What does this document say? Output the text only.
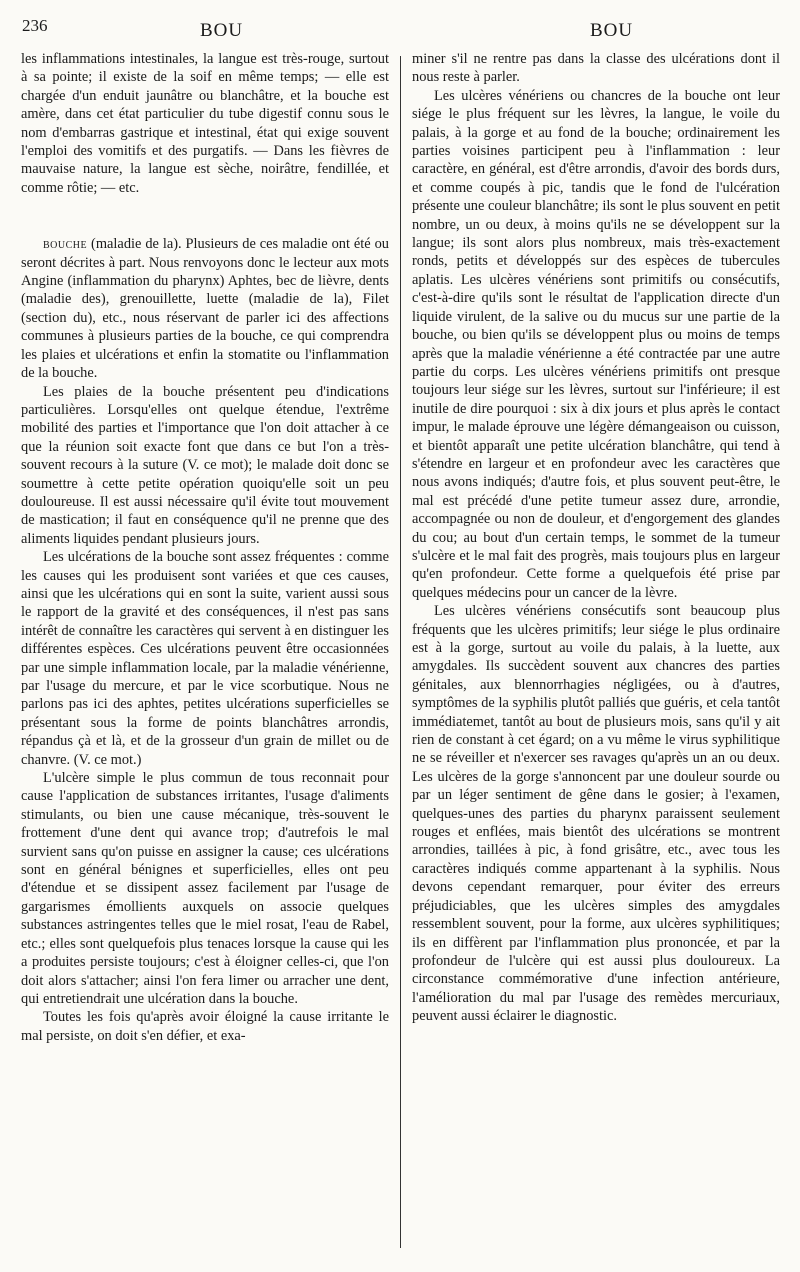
236	BOU	BOU

les inflammations intestinales, la langue est très-rouge, surtout à sa pointe; il existe de la soif en même temps; — elle est chargée d'un enduit jaunâtre ou blanchâtre, et la bouche est amère, dans cet état particulier du tube digestif connu sous le nom d'embarras gastrique et intestinal, état qui exige souvent l'emploi des vomitifs et des purgatifs. — Dans les fièvres de mauvaise nature, la langue est sèche, noirâtre, fendillée, et comme rôtie; — etc.

bouche (maladie de la). Plusieurs de ces maladie ont été ou seront décrites à part. Nous renvoyons donc le lecteur aux mots Angine (inflammation du pharynx) Aphtes, bec de lièvre, dents (maladie des), grenouillette, luette (maladie de la), Filet (section du), etc., nous réservant de parler ici des affections communes à plusieurs parties de la bouche, ce qui comprendra les plaies et ulcérations et enfin la stomatite ou l'inflammation de la bouche.

Les plaies de la bouche présentent peu d'indications particulières. Lorsqu'elles ont quelque étendue, l'extrême mobilité des parties et l'importance que l'on doit attacher à ce que la réunion soit exacte font que dans ce but l'on a très-souvent recours à la suture (V. ce mot); le malade doit donc se soumettre à cette petite opération quoiqu'elle soit un peu douloureuse. Il est aussi nécessaire qu'il évite tout mouvement de mastication; il faut en conséquence qu'il ne prenne que des aliments liquides pendant plusieurs jours.

Les ulcérations de la bouche sont assez fréquentes : comme les causes qui les produisent sont variées et que ces causes, ainsi que les ulcérations qui en sont la suite, varient aussi sous le rapport de la gravité et des conséquences, il n'est pas sans intérêt de connaître les caractères qui servent à en distinguer les différentes espèces. Ces ulcérations peuvent être occasionnées par une simple inflammation locale, par la maladie vénérienne, par l'usage du mercure, et par le vice scorbutique. Nous ne parlons pas ici des aphtes, petites ulcérations superficielles se présentant sous la forme de points blanchâtres arrondis, répandus çà et là, et de la grosseur d'un grain de millet ou de chanvre. (V. ce mot.)

L'ulcère simple le plus commun de tous reconnait pour cause l'application de substances irritantes, l'usage d'aliments stimulants, ou bien une cause mécanique, très-souvent le frottement d'une dent qui avance trop; d'autrefois le mal survient sans qu'on puisse en assigner la cause; ces ulcérations sont en général bénignes et superficielles, elles ont peu d'étendue et se dissipent assez facilement par l'usage de gargarismes émollients auxquels on associe quelques substances astringentes telles que le miel rosat, l'eau de Rabel, etc.; elles sont quelquefois plus tenaces lorsque la cause qui les a produites persiste toujours; c'est à éloigner celles-ci, que l'on doit alors s'attacher; ainsi l'on fera limer ou arracher une dent, qui entretiendrait une ulcération dans la bouche.

Toutes les fois qu'après avoir éloigné la cause irritante le mal persiste, on doit s'en défier, et exa-

miner s'il ne rentre pas dans la classe des ulcérations dont il nous reste à parler.

Les ulcères vénériens ou chancres de la bouche ont leur siége le plus fréquent sur les lèvres, la langue, le voile du palais, à la gorge et au fond de la bouche; ordinairement les parties voisines participent peu à l'inflammation : leur caractère, en général, est d'être arrondis, d'avoir des bords durs, et comme coupés à pic, tandis que le fond de l'ulcération présente une couleur blanchâtre; ils sont le plus souvent en petit nombre, un ou deux, à moins qu'ils ne se développent sur la langue; ils sont alors plus nombreux, mais très-exactement ronds, petits et développés sur des espèces de tubercules aplatis. Les ulcères vénériens sont primitifs ou consécutifs, c'est-à-dire qu'ils sont le résultat de l'application directe d'un liquide virulent, de la salive ou du mucus sur une partie de la bouche, ou bien qu'ils se développent plus ou moins de temps après que la maladie vénérienne a été contractée par une autre partie du corps. Les ulcères vénériens primitifs ont presque toujours leur siége sur les lèvres, surtout sur l'inférieure; il est inutile de dire pourquoi : six à dix jours et plus après le contact impur, le malade éprouve une légère démangeaison ou cuisson, et bientôt apparaît une petite ulcération blanchâtre, qui tend à s'étendre en largeur et en profondeur avec les caractères que nous avons indiqués; d'autre fois, et plus souvent peut-être, le mal est précédé d'une petite tumeur assez dure, arrondie, accompagnée ou non de douleur, et d'engorgement des glandes du cou; au bout d'un certain temps, le sommet de la tumeur s'ulcère et le mal fait des progrès, mais toujours plus en largeur qu'en profondeur. Cette forme a quelquefois été prise par quelques médecins pour un cancer de la lèvre.

Les ulcères vénériens consécutifs sont beaucoup plus fréquents que les ulcères primitifs; leur siége le plus ordinaire est à la gorge, surtout au voile du palais, à la luette, aux amygdales. Ils succèdent souvent aux chancres des parties génitales, aux blennorrhagies négligées, ou à d'autres, symptômes de la syphilis plutôt palliés que guéris, et cela tantôt immédiatemet, tantôt au bout de plusieurs mois, sans qu'il y ait rien de constant à cet égard; on a vu même le virus syphilitique ne se réveiller et n'exercer ses ravages qu'après un an ou deux. Les ulcères de la gorge s'annoncent par une douleur sourde ou par un léger sentiment de gêne dans le gosier; à l'examen, quelques-unes des parties du pharynx paraissent seulement rouges et enflées, mais bientôt des ulcérations se montrent arrondies, taillées à pic, à fond grisâtre, etc., avec tous les caractères indiqués comme appartenant à la syphilis. Nous devons cependant remarquer, pour éviter des erreurs préjudiciables, que les ulcères simples des amygdales ressemblent souvent, pour la forme, aux ulcères syphilitiques; ils en diffèrent par l'inflammation plus prononcée, et par la profondeur de l'ulcère qui est aussi plus douloureux. La circonstance commémorative d'une infection antérieure, l'amélioration du mal par l'usage des remèdes mercuriaux, peuvent aussi éclairer le diagnostic.
